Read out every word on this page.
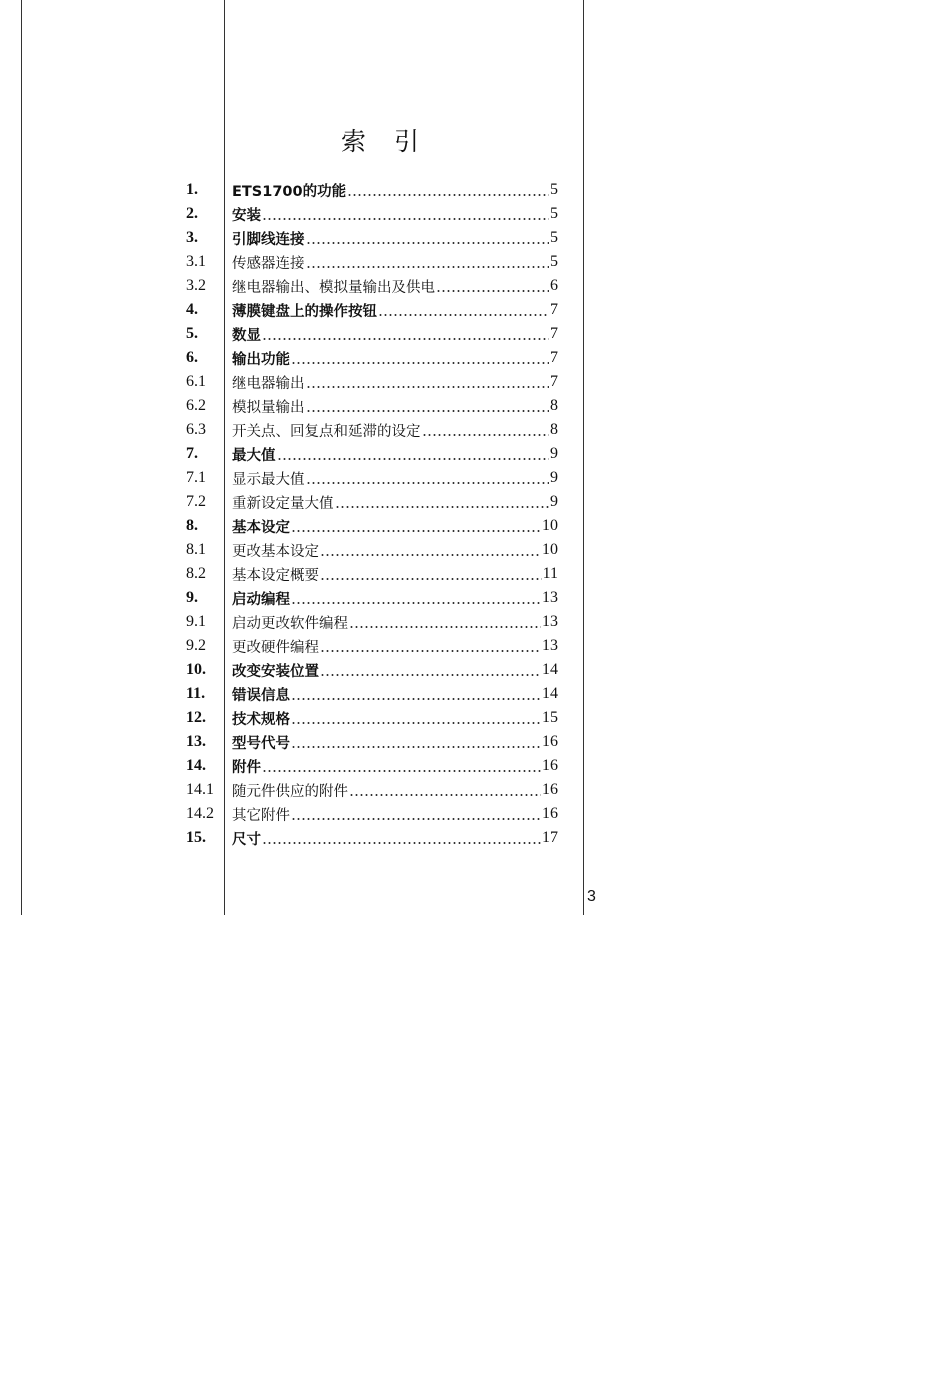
索 引
1.	ETS1700的功能	5
2.	安装	5
3.	引脚线连接	5
3.1	传感器连接	5
3.2	继电器输出、模拟量输出及供电	6
4.	薄膜键盘上的操作按钮	7
5.	数显	7
6.	输出功能	7
6.1	继电器输出	7
6.2	模拟量输出	8
6.3	开关点、回复点和延滞的设定	8
7.	最大值	9
7.1	显示最大值	9
7.2	重新设定量大值	9
8.	基本设定	10
8.1	更改基本设定	10
8.2	基本设定概要	11
9.	启动编程	13
9.1	启动更改软件编程	13
9.2	更改硬件编程	13
10.	改变安装位置	14
11.	错误信息	14
12.	技术规格	15
13.	型号代号	16
14.	附件	16
14.1	随元件供应的附件	16
14.2	其它附件	16
15.	尺寸	17
3
